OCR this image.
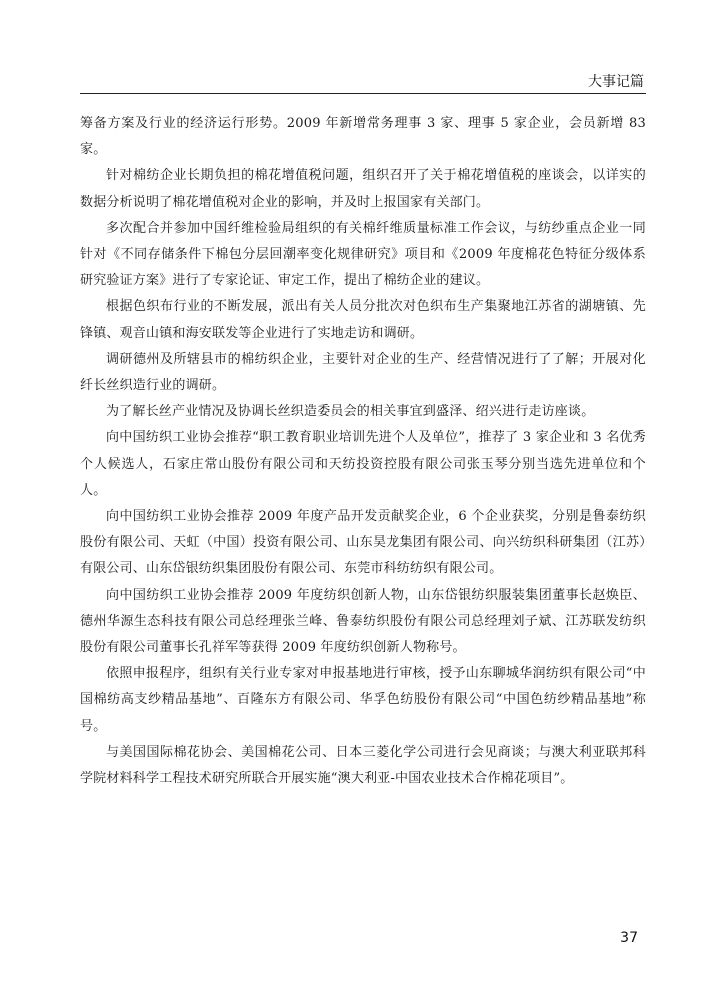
大事记篇

筹备方案及行业的经济运行形势。2009 年新增常务理事 3 家、理事 5 家企业，会员新增 83 家。

针对棉纺企业长期负担的棉花增值税问题，组织召开了关于棉花增值税的座谈会，以详实的数据分析说明了棉花增值税对企业的影响，并及时上报国家有关部门。

多次配合并参加中国纤维检验局组织的有关棉纤维质量标准工作会议，与纺纱重点企业一同针对《不同存储条件下棉包分层回潮率变化规律研究》项目和《2009 年度棉花色特征分级体系研究验证方案》进行了专家论证、审定工作，提出了棉纺企业的建议。

根据色织布行业的不断发展，派出有关人员分批次对色织布生产集聚地江苏省的湖塘镇、先锋镇、观音山镇和海安联发等企业进行了实地走访和调研。

调研德州及所辖县市的棉纺织企业，主要针对企业的生产、经营情况进行了了解；开展对化纤长丝织造行业的调研。

为了解长丝产业情况及协调长丝织造委员会的相关事宜到盛泽、绍兴进行走访座谈。

向中国纺织工业协会推荐“职工教育职业培训先进个人及单位”，推荐了 3 家企业和 3 名优秀个人候选人，石家庄常山股份有限公司和天纺投资控股有限公司张玉琴分别当选先进单位和个人。

向中国纺织工业协会推荐 2009 年度产品开发贡献奖企业，6 个企业获奖，分别是鲁泰纺织股份有限公司、天虹（中国）投资有限公司、山东昊龙集团有限公司、向兴纺织科研集团（江苏）有限公司、山东岱银纺织集团股份有限公司、东莞市科纺纺织有限公司。

向中国纺织工业协会推荐 2009 年度纺织创新人物，山东岱银纺织服装集团董事长赵焕臣、德州华源生态科技有限公司总经理张兰峰、鲁泰纺织股份有限公司总经理刘子斌、江苏联发纺织股份有限公司董事长孔祥军等获得 2009 年度纺织创新人物称号。

依照申报程序，组织有关行业专家对申报基地进行审核，授予山东聊城华润纺织有限公司“中国棉纺高支纱精品基地”、百隆东方有限公司、华孚色纺股份有限公司“中国色纺纱精品基地”称号。

与美国国际棉花协会、美国棉花公司、日本三菱化学公司进行会见商谈；与澳大利亚联邦科学院材料科学工程技术研究所联合开展实施“澳大利亚-中国农业技术合作棉花项目”。

37
